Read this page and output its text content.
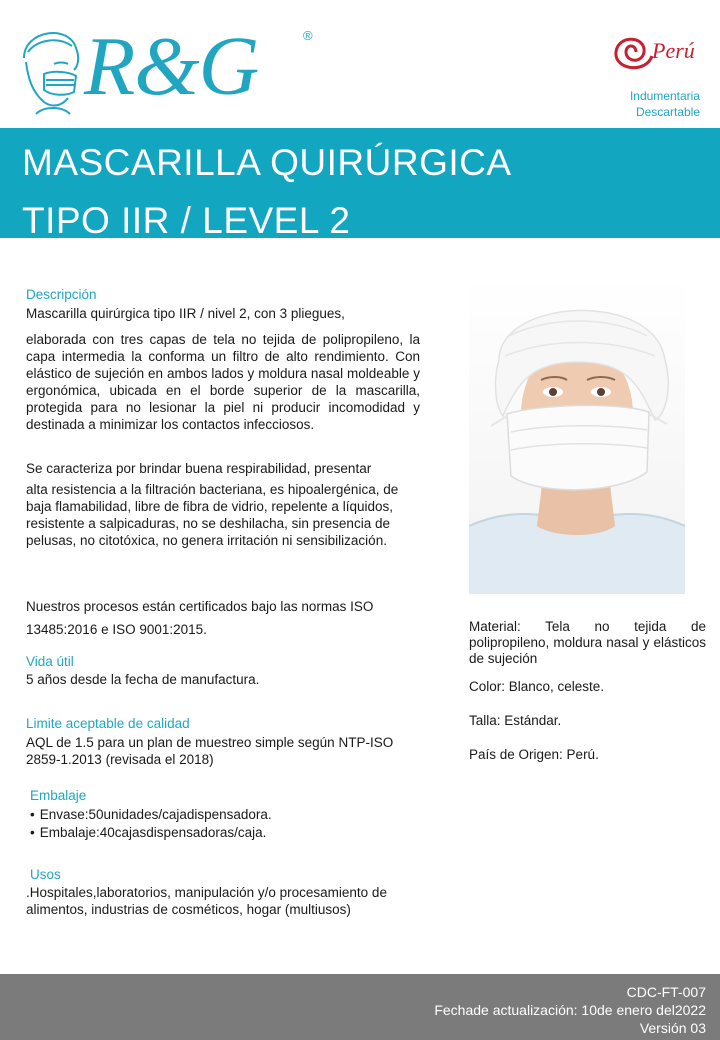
R&G	®
Perú
Indumentaria
Descartable
MASCARILLA QUIRÚRGICA
TIPO IIR / LEVEL 2
Descripción
Mascarilla quirúrgica tipo IIR / nivel 2, con 3 pliegues,
elaborada con tres capas de tela no tejida de polipropileno, la capa intermedia la conforma un filtro de alto rendimiento. Con elástico de sujeción en ambos lados y moldura nasal moldeable y ergonómica, ubicada en el borde superior de la mascarilla, protegida para no lesionar la piel ni producir incomodidad y destinada a minimizar los contactos infecciosos.
Se caracteriza por brindar buena respirabilidad, presentar
alta resistencia a la filtración bacteriana, es hipoalergénica, de baja flamabilidad, libre de fibra de vidrio, repelente a líquidos, resistente a salpicaduras, no se deshilacha, sin presencia de pelusas, no citotóxica, no genera irritación ni sensibilización.
Nuestros procesos están certificados bajo las normas ISO
13485:2016 e ISO 9001:2015.
Vida útil
5 años desde la fecha de manufactura.
Limite aceptable de calidad
AQL de 1.5 para un plan de muestreo simple según NTP-ISO 2859-1.2013 (revisada el 2018)
Embalaje
• Envase:50unidades/cajadispensadora.
• Embalaje:40cajasdispensadoras/caja.
Usos
.Hospitales,laboratorios, manipulación y/o procesamiento de alimentos, industrias de cosméticos, hogar (multiusos)
Material: Tela no tejida de polipropileno, moldura nasal y elásticos de sujeción
Color: Blanco, celeste.
Talla: Estándar.
País de Origen: Perú.
CDC-FT-007
Fechade actualización: 10de enero del2022
Versión 03
